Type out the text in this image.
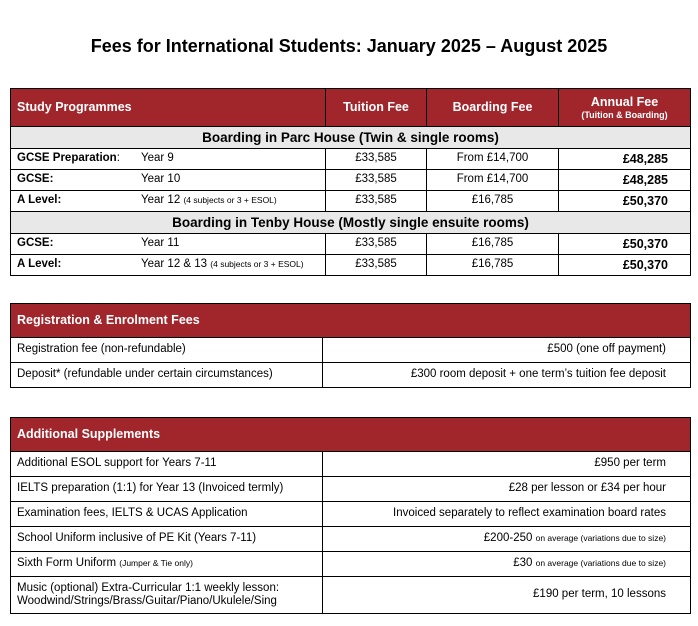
Fees for International Students: January 2025 – August 2025
Study Programmes	Tuition Fee	Boarding Fee	Annual Fee
(Tuition & Boarding)

Boarding in Parc House (Twin & single rooms)			
GCSE Preparation: Year 9	£33,585	From £14,700	£48,285
GCSE: Year 10	£33,585	From £14,700	£48,285
A Level: Year 12 (4 subjects or 3 + ESOL)	£33,585	£16,785	£50,370
Boarding in Tenby House (Mostly single ensuite rooms)			
GCSE: Year 11	£33,585	£16,785	£50,370
A Level: Year 12 & 13 (4 subjects or 3 + ESOL)	£33,585	£16,785	£50,370
Registration & Enrolment Fees	
Registration fee (non-refundable)	£500 (one off payment)
Deposit* (refundable under certain circumstances)	£300 room deposit + one term’s tuition fee deposit
Additional Supplements	
Additional ESOL support for Years 7-11	£950 per term
IELTS preparation (1:1) for Year 13 (Invoiced termly)	£28 per lesson or £34 per hour
Examination fees, IELTS & UCAS Application	Invoiced separately to reflect examination board rates
School Uniform inclusive of PE Kit (Years 7-11)	£200-250 on average (variations due to size)
Sixth Form Uniform (Jumper & Tie only)	£30 on average (variations due to size)

Music (optional) Extra-Curricular 1:1 weekly lesson:
Woodwind/Strings/Brass/Guitar/Piano/Ukulele/Sing	£190 per term, 10 lessons
